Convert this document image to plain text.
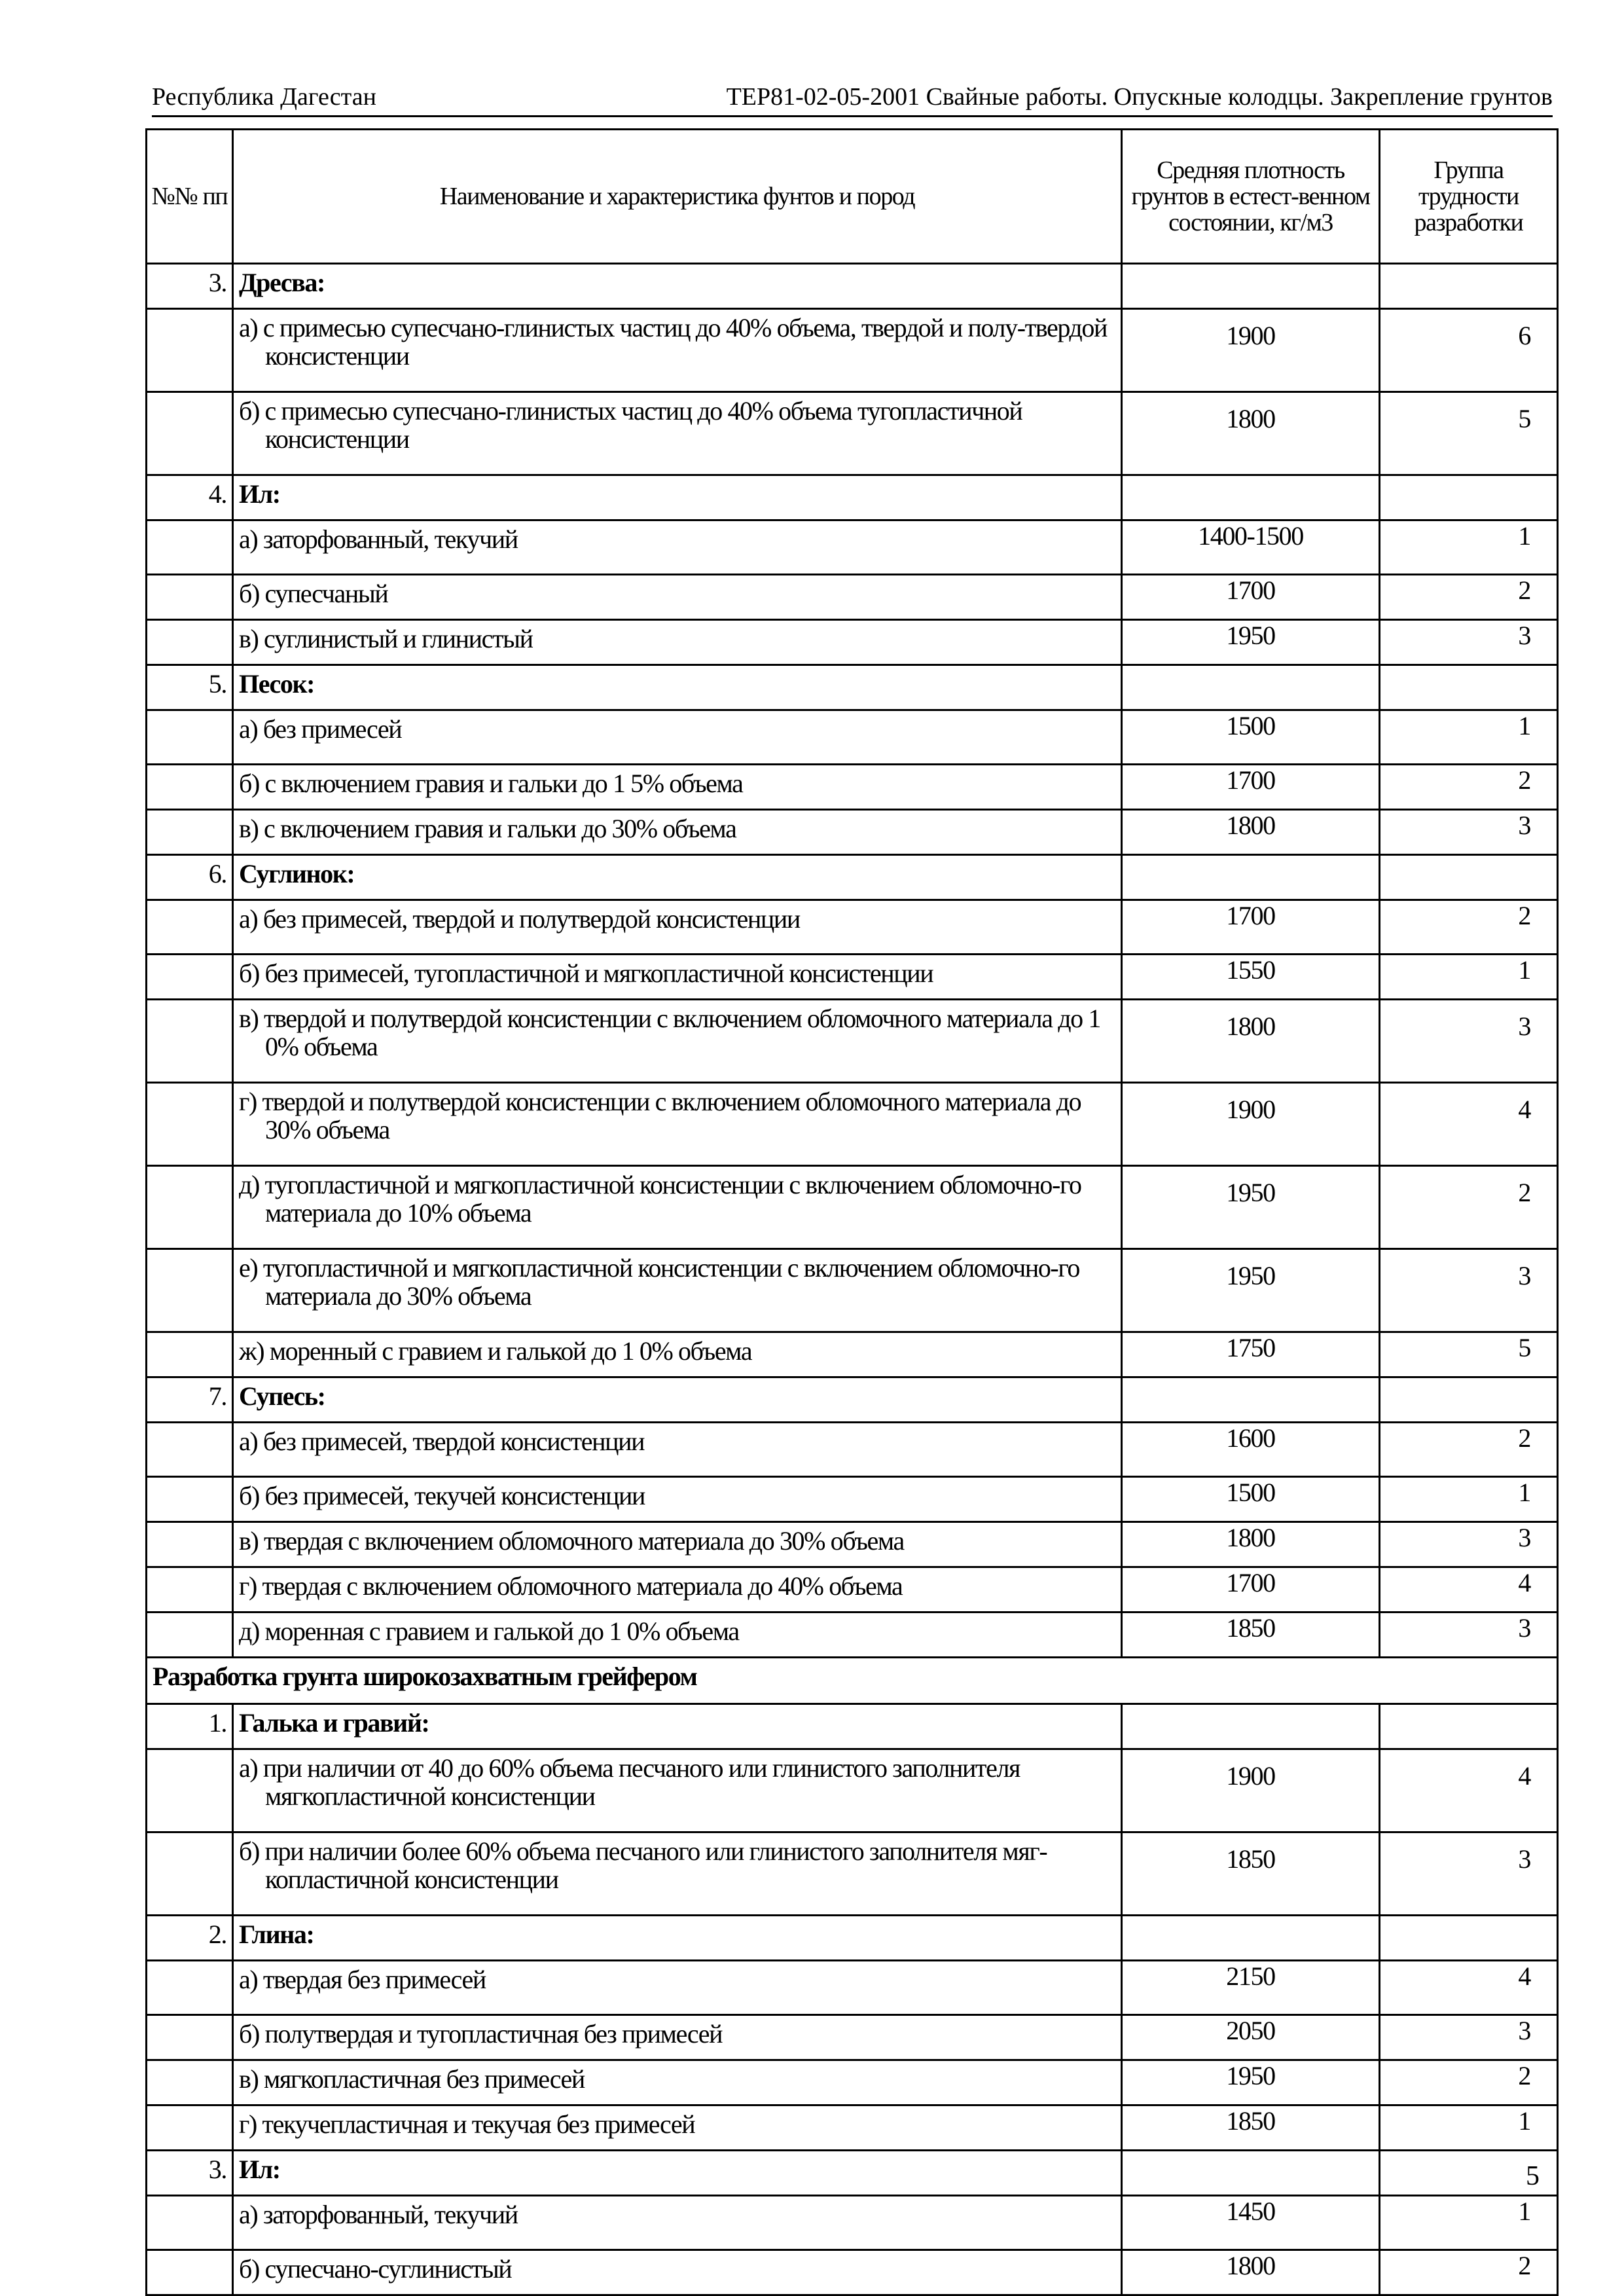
Республика Дагестан	ТЕР81-02-05-2001 Свайные работы. Опускные колодцы. Закрепление грунтов
№№ пп	Наименование и характеристика фунтов и пород	Средняя плотность грунтов в естест-венном состоянии, кг/м3	Группа трудности разработки
3.	Дресва:		

	а) с примесью супесчано-глинистых частиц до 40% объема, твердой и полу-твердой консистенции	1900	6

	б) с примесью супесчано-глинистых частиц до 40% объема тугопластичной консистенции	1800	5
4.	Ил:		

	а) заторфованный, текучий	1400-1500	1

	б) супесчаный	1700	2

	в) суглинистый и глинистый	1950	3
5.	Песок:		

	а) без примесей	1500	1

	б) с включением гравия и гальки до 1 5% объема	1700	2

	в) с включением гравия и гальки до 30% объема	1800	3
6.	Суглинок:		

	а) без примесей, твердой и полутвердой консистенции	1700	2

	б) без примесей, тугопластичной и мягкопластичной консистенции	1550	1

	в) твердой и полутвердой консистенции с включением обломочного материала до 1 0% объема	1800	3

	г) твердой и полутвердой консистенции с включением обломочного материала до 30% объема	1900	4

	д) тугопластичной и мягкопластичной консистенции с включением обломочно-го материала до 10% объема	1950	2

	е) тугопластичной и мягкопластичной консистенции с включением обломочно-го материала до 30% объема	1950	3

	ж) моренный с гравием и галькой до 1 0% объема	1750	5
7.	Супесь:		

	а) без примесей, твердой консистенции	1600	2

	б) без примесей, текучей консистенции	1500	1

	в) твердая с включением обломочного материала до 30% объема	1800	3

	г) твердая с включением обломочного материала до 40% объема	1700	4

	д) моренная с гравием и галькой до 1 0% объема	1850	3
Разработка грунта широкозахватным грейфером			
1.	Галька и гравий:		

	а) при наличии от 40 до 60% объема песчаного или глинистого заполнителя мягкопластичной консистенции	1900	4

	б) при наличии более 60% объема песчаного или глинистого заполнителя мяг-копластичной консистенции	1850	3
2.	Глина:		

	а) твердая без примесей	2150	4

	б) полутвердая и тугопластичная без примесей	2050	3

	в) мягкопластичная без примесей	1950	2

	г) текучепластичная и текучая без примесей	1850	1
3.	Ил:		

	а) заторфованный, текучий	1450	1

	б) супесчано-суглинистый	1800	2
5
